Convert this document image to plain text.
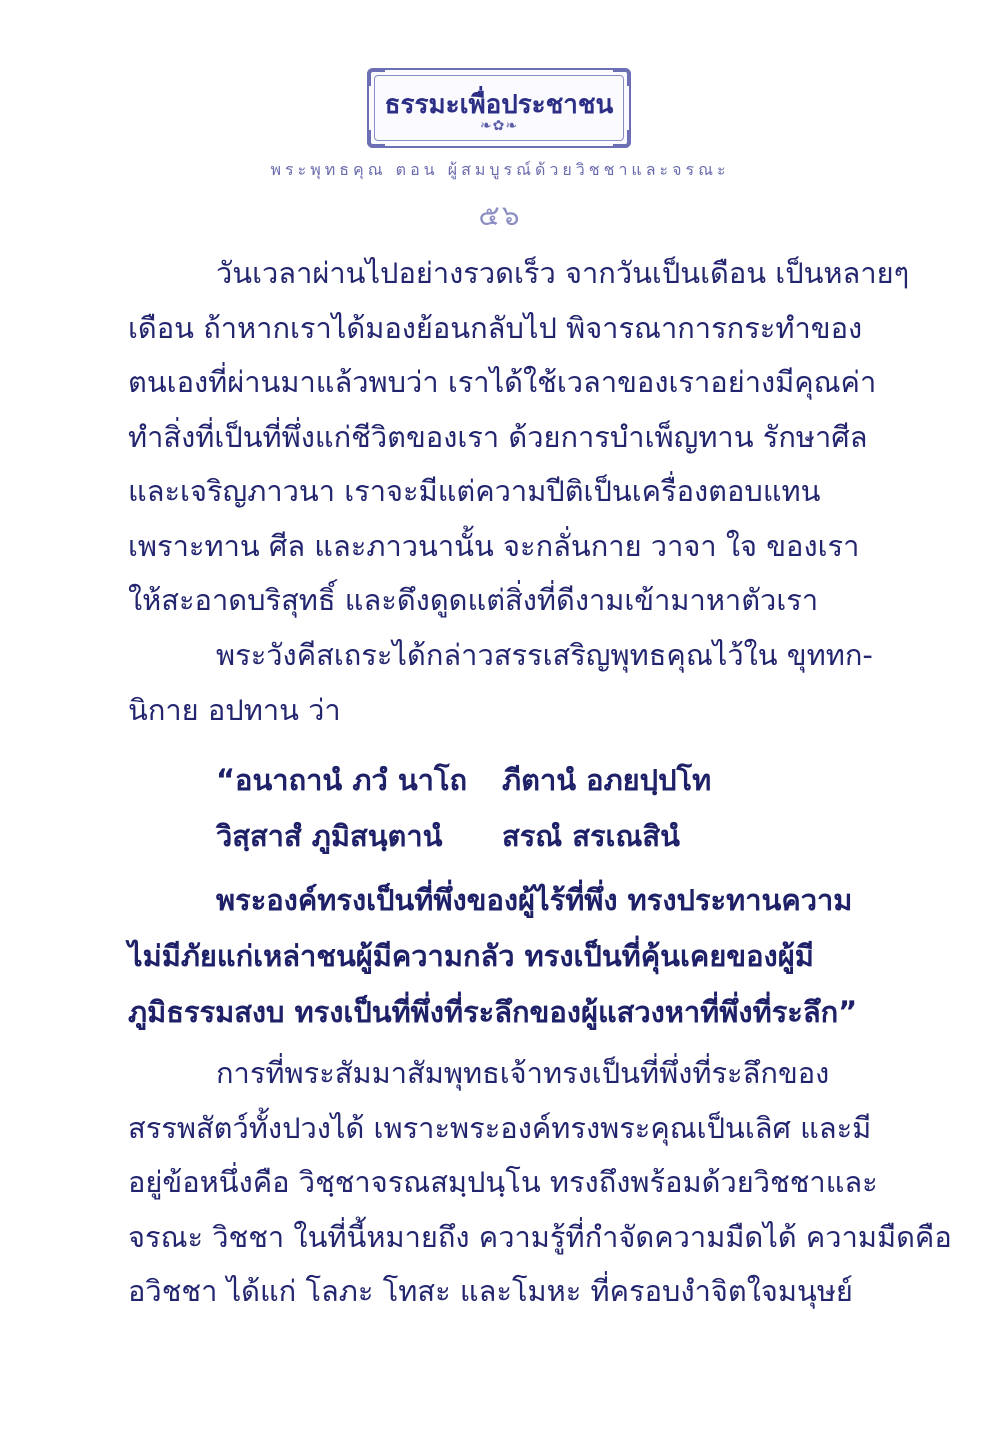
ธรรมะเพื่อประชาชน
❧✿❧
พระพุทธคุณ ตอน ผู้สมบูรณ์ด้วยวิชชาและจรณะ
๕๖
วันเวลาผ่านไปอย่างรวดเร็ว จากวันเป็นเดือน เป็นหลายๆ
เดือน ถ้าหากเราได้มองย้อนกลับไป พิจารณาการกระทำของ
ตนเองที่ผ่านมาแล้วพบว่า เราได้ใช้เวลาของเราอย่างมีคุณค่า
ทำสิ่งที่เป็นที่พึ่งแก่ชีวิตของเรา ด้วยการบำเพ็ญทาน รักษาศีล
และเจริญภาวนา เราจะมีแต่ความปีติเป็นเครื่องตอบแทน
เพราะทาน ศีล และภาวนานั้น จะกลั่นกาย วาจา ใจ ของเรา
ให้สะอาดบริสุทธิ์ และดึงดูดแต่สิ่งที่ดีงามเข้ามาหาตัวเรา
พระวังคีสเถระได้กล่าวสรรเสริญพุทธคุณไว้ใน ขุททก-
นิกาย อปทาน ว่า
“อนาถานํ ภวํ นาโถ ภีตานํ อภยปฺปโท
วิสฺสาสํ ภูมิสนฺตานํ สรณํ สรเณสินํ
พระองค์ทรงเป็นที่พึ่งของผู้ไร้ที่พึ่ง ทรงประทานความ
ไม่มีภัยแก่เหล่าชนผู้มีความกลัว ทรงเป็นที่คุ้นเคยของผู้มี
ภูมิธรรมสงบ ทรงเป็นที่พึ่งที่ระลึกของผู้แสวงหาที่พึ่งที่ระลึก”
การที่พระสัมมาสัมพุทธเจ้าทรงเป็นที่พึ่งที่ระลึกของ
สรรพสัตว์ทั้งปวงได้ เพราะพระองค์ทรงพระคุณเป็นเลิศ และมี
อยู่ข้อหนึ่งคือ วิชฺชาจรณสมฺปนฺโน ทรงถึงพร้อมด้วยวิชชาและ
จรณะ วิชชา ในที่นี้หมายถึง ความรู้ที่กำจัดความมืดได้ ความมืดคือ
อวิชชา ได้แก่ โลภะ โทสะ และโมหะ ที่ครอบงำจิตใจมนุษย์
